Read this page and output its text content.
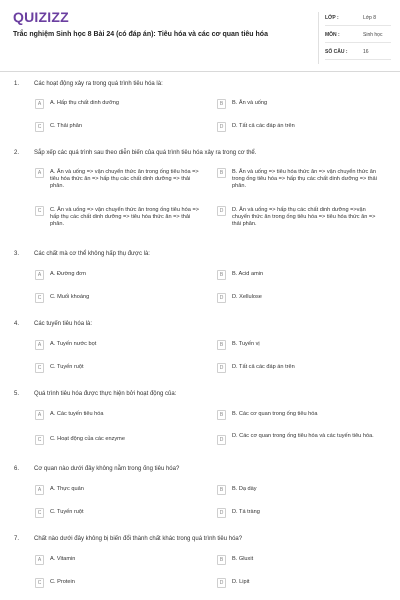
QUIZIZZ
Trắc nghiệm Sinh học 8 Bài 24 (có đáp án): Tiêu hóa và các cơ quan tiêu hóa
LỚP :	Lớp 8
MÔN :	Sinh học
SỐ CÂU :	16
1. Các hoạt động xảy ra trong quá trình tiêu hóa là:
A	A. Hấp thụ chất dinh dưỡng	B	B. Ăn và uống
C	C. Thải phân	D	D. Tất cả các đáp án trên
2. Sắp xếp các quá trình sau theo diễn biến của quá trình tiêu hóa xảy ra trong cơ thể.
A	A. Ăn và uống => vận chuyển thức ăn trong ống tiêu hóa => tiêu hóa thức ăn => hấp thụ các chất dinh dưỡng => thải phân.
B	B. Ăn và uống => tiêu hóa thức ăn => vận chuyển thức ăn trong ống tiêu hóa => hấp thụ các chất dinh dưỡng => thải phân.
C	C. Ăn và uống => vận chuyển thức ăn trong ống tiêu hóa => hấp thụ các chất dinh dưỡng => tiêu hóa thức ăn => thải phân.
D	D. Ăn và uống => hấp thụ các chất dinh dưỡng =>vận chuyển thức ăn trong ống tiêu hóa => tiêu hóa thức ăn => thải phân.
3. Các chất mà cơ thể không hấp thụ được là:
A	A. Đường đơn	B	B. Acid amin
C	C. Muối khoáng	D	D. Xellulose
4. Các tuyến tiêu hóa là:
A	A. Tuyến nước bọt	B	B. Tuyến vị
C	C. Tuyến ruột	D	D. Tất cả các đáp án trên
5. Quá trình tiêu hóa được thực hiện bởi hoạt động của:
A	A. Các tuyến tiêu hóa	B	B. Các cơ quan trong ống tiêu hóa
C	C. Hoạt động của các enzyme	D
D. Các cơ quan trong ống tiêu hóa và các tuyến tiêu hóa.
6. Cơ quan nào dưới đây không nằm trong ống tiêu hóa?
A	A. Thực quản	B	B. Dạ dày
C	C. Tuyến ruột	D	D. Tá tràng
7. Chất nào dưới đây không bị biến đổi thành chất khác trong quá trình tiêu hóa?
A	A. Vitamin	B	B. Gluxit
C	C. Protein	D	D. Lipit
